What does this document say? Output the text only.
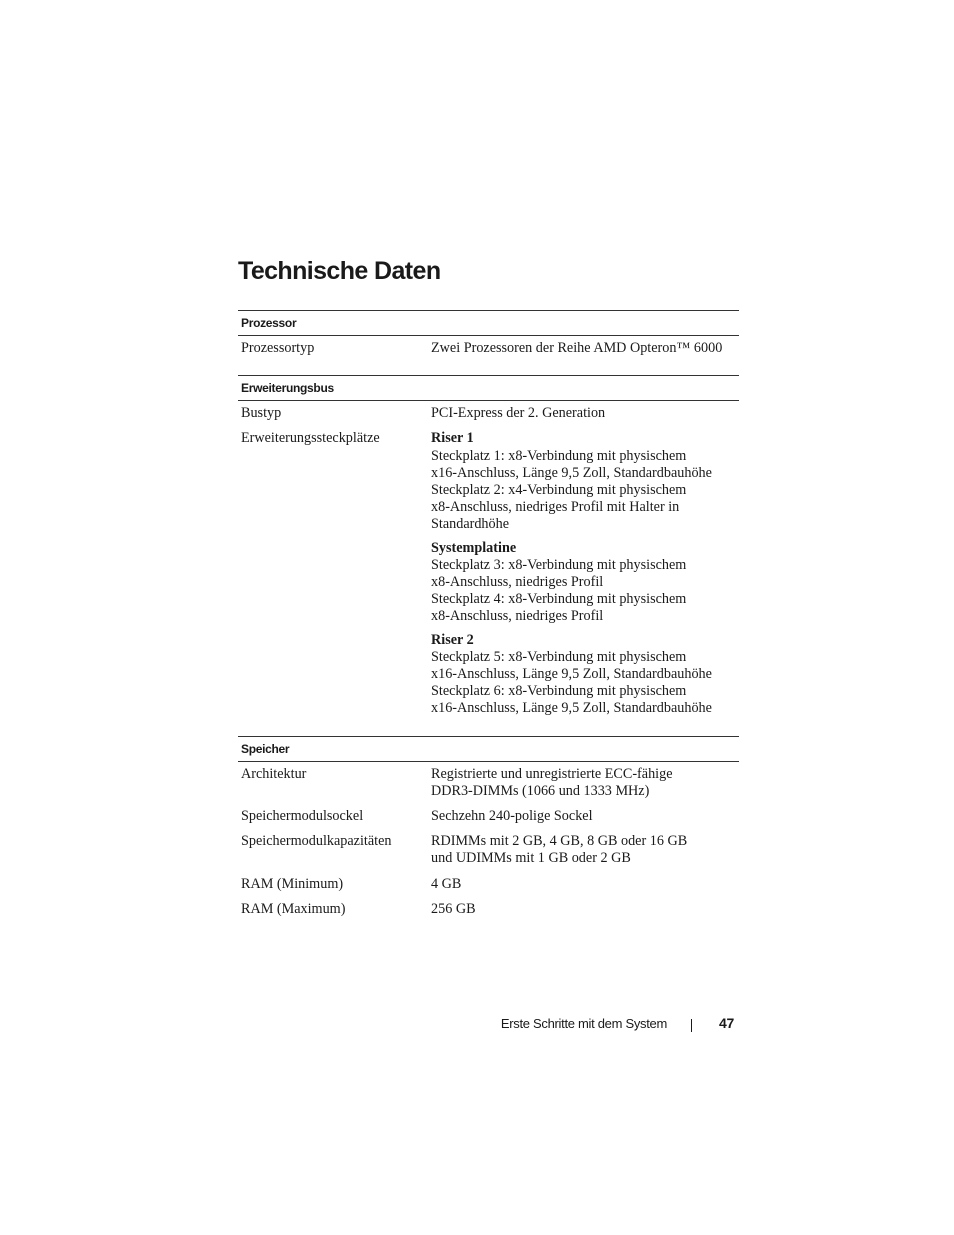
Technische Daten
Prozessor
Prozessortyp	Zwei Prozessoren der Reihe AMD Opteron™ 6000
Erweiterungsbus
Bustyp	PCI-Express der 2. Generation
Erweiterungssteckplätze	Riser 1
Steckplatz 1: x8-Verbindung mit physischem
x16-Anschluss, Länge 9,5 Zoll, Standardbauhöhe
Steckplatz 2: x4-Verbindung mit physischem
x8-Anschluss, niedriges Profil mit Halter in
Standardhöhe
Systemplatine
Steckplatz 3: x8-Verbindung mit physischem
x8-Anschluss, niedriges Profil
Steckplatz 4: x8-Verbindung mit physischem
x8-Anschluss, niedriges Profil
Riser 2
Steckplatz 5: x8-Verbindung mit physischem
x16-Anschluss, Länge 9,5 Zoll, Standardbauhöhe
Steckplatz 6: x8-Verbindung mit physischem
x16-Anschluss, Länge 9,5 Zoll, Standardbauhöhe
Speicher
Architektur	Registrierte und unregistrierte ECC-fähige
DDR3-DIMMs (1066 und 1333 MHz)
Speichermodulsockel	Sechzehn 240-polige Sockel
Speichermodulkapazitäten	RDIMMs mit 2 GB, 4 GB, 8 GB oder 16 GB
und UDIMMs mit 1 GB oder 2 GB
RAM (Minimum)	4 GB
RAM (Maximum)	256 GB
Erste Schritte mit dem System	47
